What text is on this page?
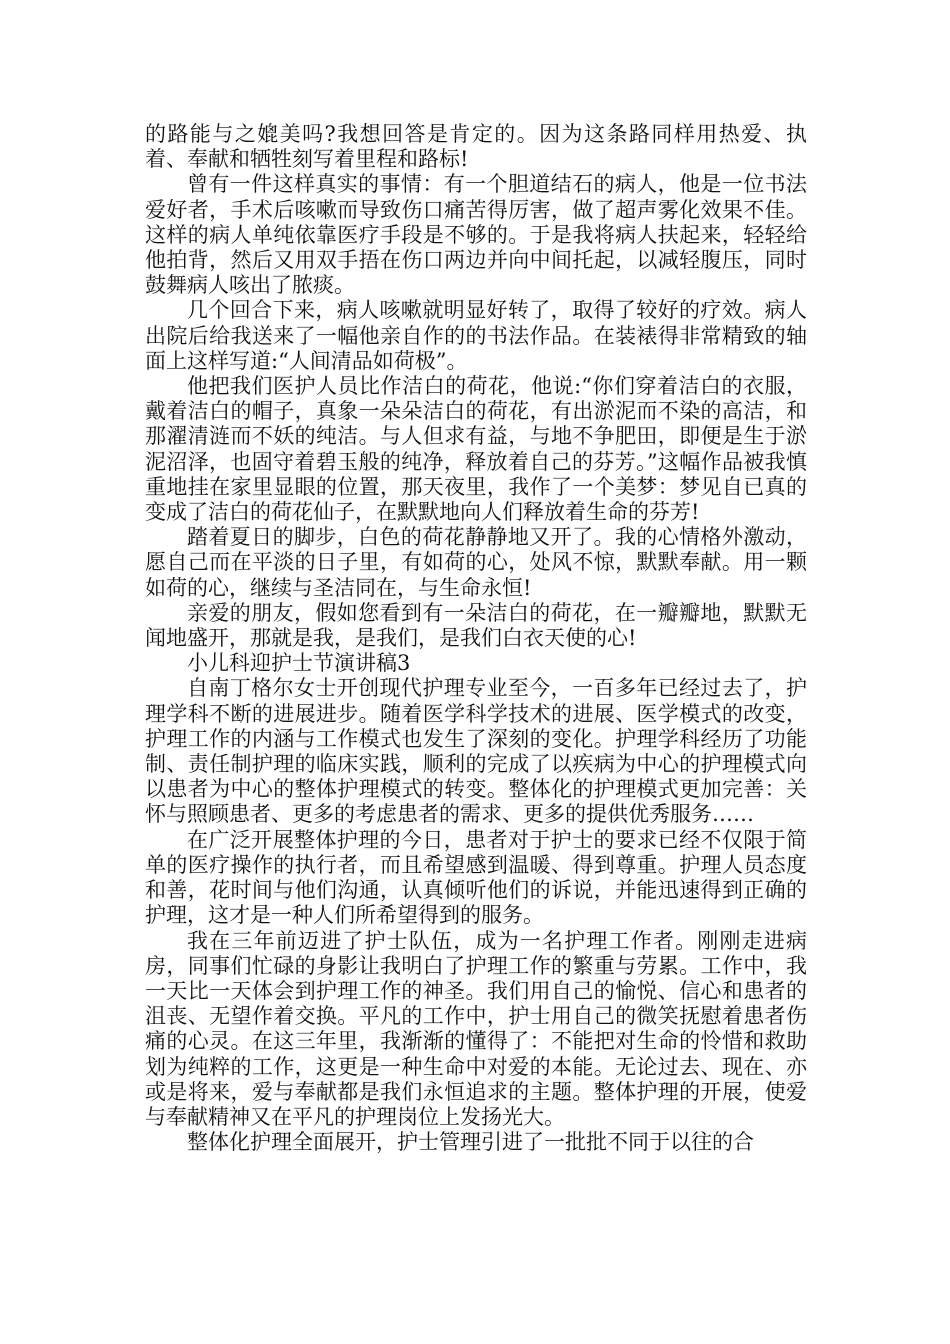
的路能与之媲美吗?我想回答是肯定的。因为这条路同样用热爱、执着、奉献和牺牲刻写着里程和路标!

曾有一件这样真实的事情：有一个胆道结石的病人，他是一位书法爱好者，手术后咳嗽而导致伤口痛苦得厉害，做了超声雾化效果不佳。这样的病人单纯依靠医疗手段是不够的。于是我将病人扶起来，轻轻给他拍背，然后又用双手捂在伤口两边并向中间托起，以减轻腹压，同时鼓舞病人咳出了脓痰。

几个回合下来，病人咳嗽就明显好转了，取得了较好的疗效。病人出院后给我送来了一幅他亲自作的的书法作品。在装裱得非常精致的轴面上这样写道:“人间清品如荷极”。

他把我们医护人员比作洁白的荷花，他说:“你们穿着洁白的衣服，戴着洁白的帽子，真象一朵朵洁白的荷花，有出淤泥而不染的高洁，和那濯清涟而不妖的纯洁。与人但求有益，与地不争肥田，即便是生于淤泥沼泽，也固守着碧玉般的纯净，释放着自己的芬芳。”这幅作品被我慎重地挂在家里显眼的位置，那天夜里，我作了一个美梦：梦见自已真的变成了洁白的荷花仙子，在默默地向人们释放着生命的芬芳!

踏着夏日的脚步，白色的荷花静静地又开了。我的心情格外激动，愿自己而在平淡的日子里，有如荷的心，处风不惊，默默奉献。用一颗如荷的心，继续与圣洁同在，与生命永恒!

亲爱的朋友，假如您看到有一朵洁白的荷花，在一瓣瓣地，默默无闻地盛开，那就是我，是我们，是我们白衣天使的心!

小儿科迎护士节演讲稿3

自南丁格尔女士开创现代护理专业至今，一百多年已经过去了，护理学科不断的进展进步。随着医学科学技术的进展、医学模式的改变，护理工作的内涵与工作模式也发生了深刻的变化。护理学科经历了功能制、责任制护理的临床实践，顺利的完成了以疾病为中心的护理模式向以患者为中心的整体护理模式的转变。整体化的护理模式更加完善：关怀与照顾患者、更多的考虑患者的需求、更多的提供优秀服务……

在广泛开展整体护理的今日，患者对于护士的要求已经不仅限于简单的医疗操作的执行者，而且希望感到温暖、得到尊重。护理人员态度和善，花时间与他们沟通，认真倾听他们的诉说，并能迅速得到正确的护理，这才是一种人们所希望得到的服务。

我在三年前迈进了护士队伍，成为一名护理工作者。刚刚走进病房，同事们忙碌的身影让我明白了护理工作的繁重与劳累。工作中，我一天比一天体会到护理工作的神圣。我们用自己的愉悦、信心和患者的沮丧、无望作着交换。平凡的工作中，护士用自己的微笑抚慰着患者伤痛的心灵。在这三年里，我渐渐的懂得了：不能把对生命的怜惜和救助划为纯粹的工作，这更是一种生命中对爱的本能。无论过去、现在、亦或是将来，爱与奉献都是我们永恒追求的主题。整体护理的开展，使爱与奉献精神又在平凡的护理岗位上发扬光大。

整体化护理全面展开，护士管理引进了一批批不同于以往的合
